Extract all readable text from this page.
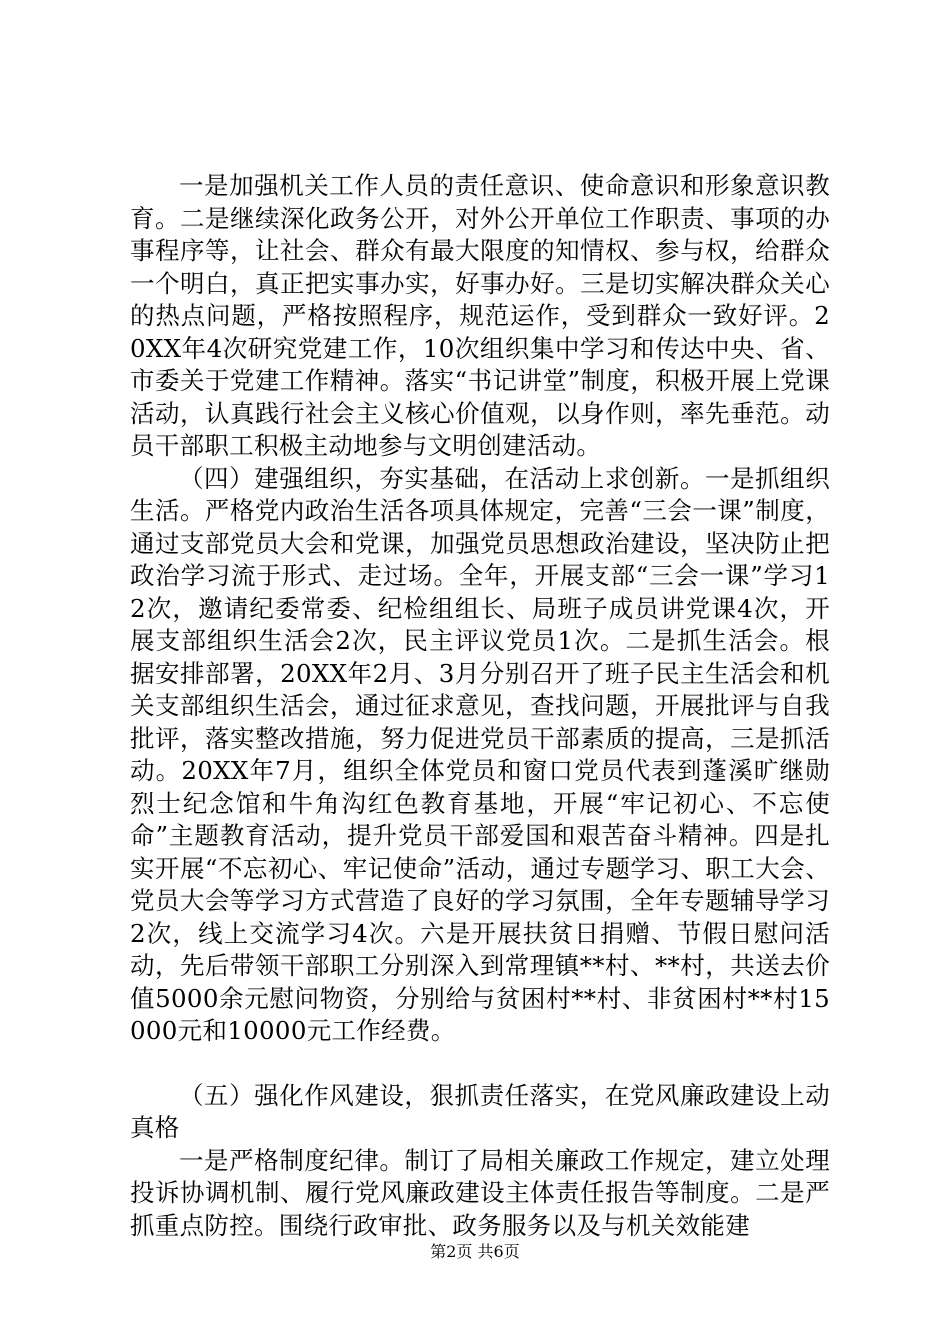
一是加强机关工作人员的责任意识、使命意识和形象意识教育。二是继续深化政务公开，对外公开单位工作职责、事项的办事程序等，让社会、群众有最大限度的知情权、参与权，给群众一个明白，真正把实事办实，好事办好。三是切实解决群众关心的热点问题，严格按照程序，规范运作，受到群众一致好评。20XX年4次研究党建工作，10次组织集中学习和传达中央、省、市委关于党建工作精神。落实“书记讲堂”制度，积极开展上党课活动，认真践行社会主义核心价值观，以身作则，率先垂范。动员干部职工积极主动地参与文明创建活动。

（四）建强组织，夯实基础，在活动上求创新。一是抓组织生活。严格党内政治生活各项具体规定，完善“三会一课”制度，通过支部党员大会和党课，加强党员思想政治建设，坚决防止把政治学习流于形式、走过场。全年，开展支部“三会一课”学习12次，邀请纪委常委、纪检组组长、局班子成员讲党课4次，开展支部组织生活会2次，民主评议党员1次。二是抓生活会。根据安排部署，20XX年2月、3月分别召开了班子民主生活会和机关支部组织生活会，通过征求意见，查找问题，开展批评与自我批评，落实整改措施，努力促进党员干部素质的提高，三是抓活动。20XX年7月，组织全体党员和窗口党员代表到蓬溪旷继勋烈士纪念馆和牛角沟红色教育基地，开展“牢记初心、不忘使命”主题教育活动，提升党员干部爱国和艰苦奋斗精神。四是扎实开展“不忘初心、牢记使命”活动，通过专题学习、职工大会、党员大会等学习方式营造了良好的学习氛围，全年专题辅导学习2次，线上交流学习4次。六是开展扶贫日捐赠、节假日慰问活动，先后带领干部职工分别深入到常理镇**村、**村，共送去价值5000余元慰问物资，分别给与贫困村**村、非贫困村**村15000元和10000元工作经费。

（五）强化作风建设，狠抓责任落实，在党风廉政建设上动真格

一是严格制度纪律。制订了局相关廉政工作规定，建立处理投诉协调机制、履行党风廉政建设主体责任报告等制度。二是严抓重点防控。围绕行政审批、政务服务以及与机关效能建

第2页 共6页
